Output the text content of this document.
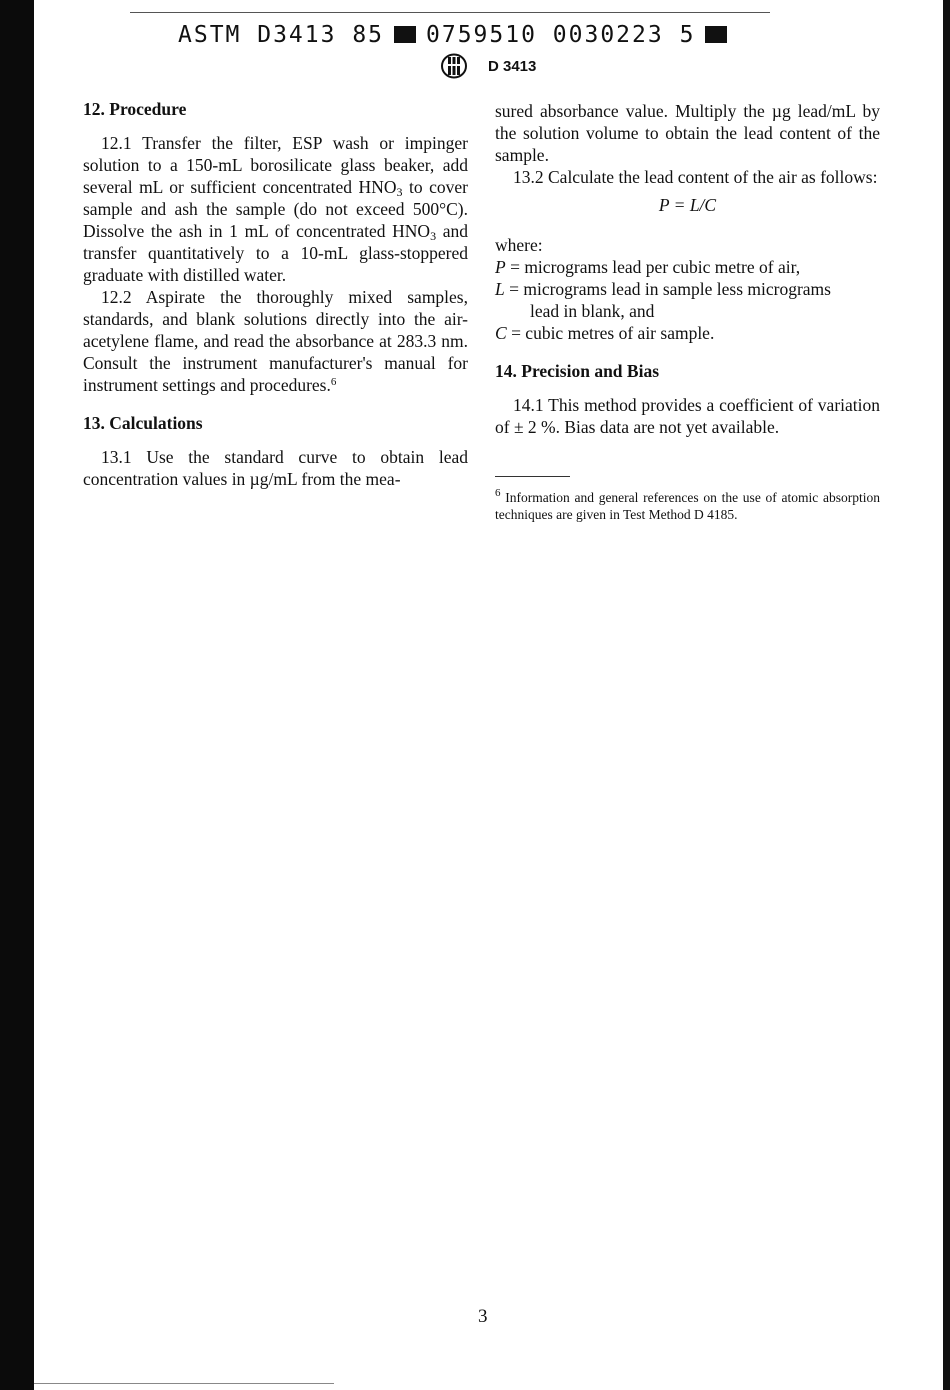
ASTM D3413 85 0759510 0030223 5
D 3413
12. Procedure

12.1 Transfer the filter, ESP wash or impinger solution to a 150-mL borosilicate glass beaker, add several mL or sufficient concentrated $HNO_3$ to cover sample and ash the sample (do not exceed 500°C). Dissolve the ash in 1 mL of concentrated $HNO_3$ and transfer quantitatively to a 10-mL glass-stoppered graduate with distilled water.

12.2 Aspirate the thoroughly mixed samples, standards, and blank solutions directly into the air-acetylene flame, and read the absorbance at 283.3 nm. Consult the instrument manufacturer's manual for instrument settings and procedures.$^6$

13. Calculations

13.1 Use the standard curve to obtain lead concentration values in µg/mL from the mea-

sured absorbance value. Multiply the µg lead/mL by the solution volume to obtain the lead content of the sample.

13.2 Calculate the lead content of the air as follows:

P = L/C

where:

P = micrograms lead per cubic metre of air,

L = micrograms lead in sample less micrograms

lead in blank, and

C = cubic metres of air sample.

14. Precision and Bias

14.1 This method provides a coefficient of variation of ± 2 %. Bias data are not yet available.

$^6$ Information and general references on the use of atomic absorption techniques are given in Test Method D 4185.

3
